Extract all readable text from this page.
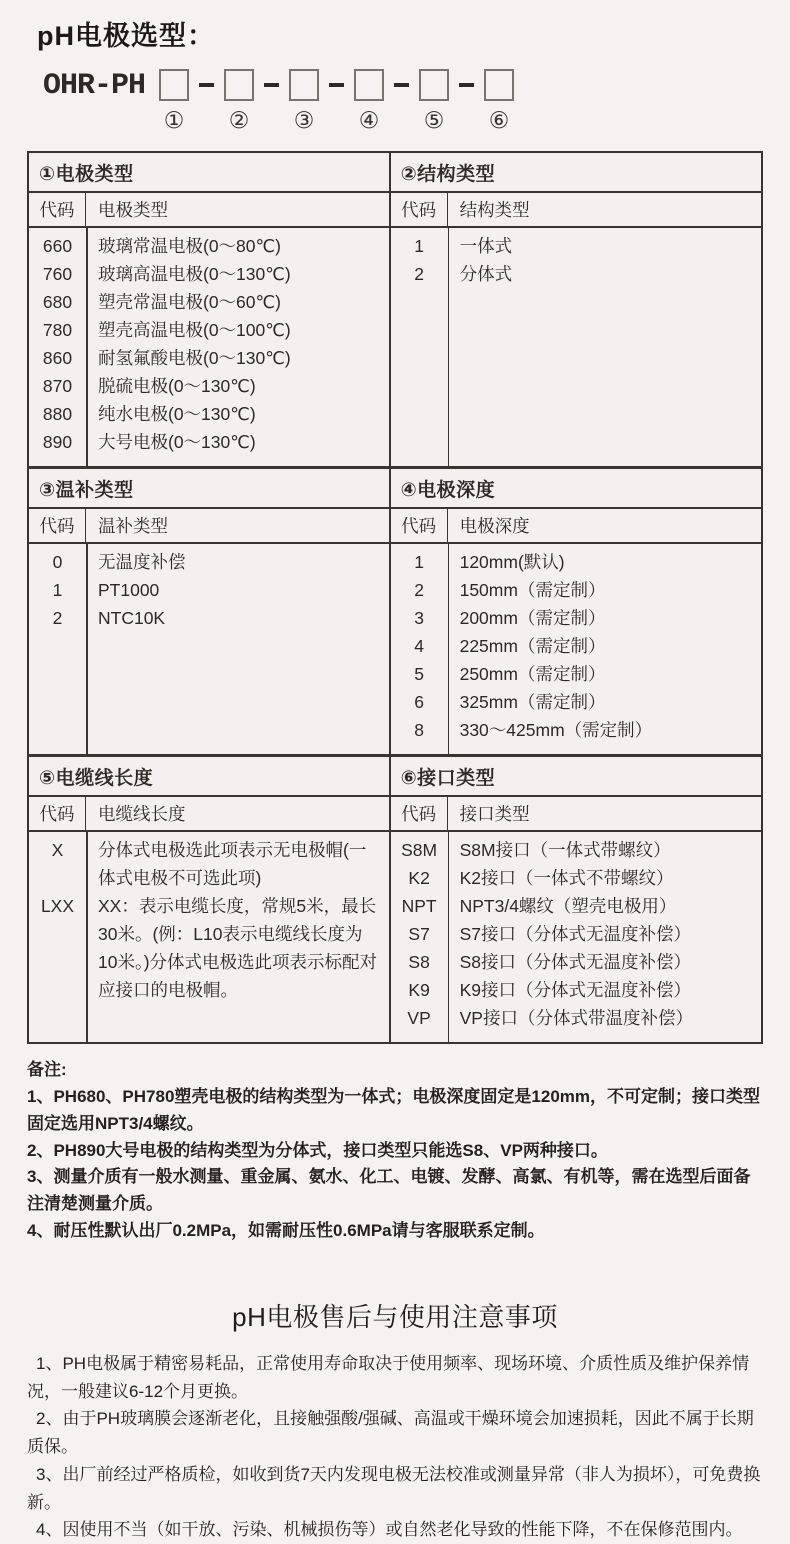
pH电极选型：
OHR-PH
① ② ③ ④ ⑤ ⑥
①电极类型
代码	电极类型
660	玻璃常温电极(0～80℃)
760	玻璃高温电极(0～130℃)
680	塑壳常温电极(0～60℃)
780	塑壳高温电极(0～100℃)
860	耐氢氟酸电极(0～130℃)
870	脱硫电极(0～130℃)
880	纯水电极(0～130℃)
890	大号电极(0～130℃)
②结构类型
代码	结构类型
1	一体式
2	分体式
③温补类型
代码	温补类型
0	无温度补偿
1	PT1000
2	NTC10K
④电极深度
代码	电极深度
1	120mm(默认)
2	150mm（需定制）
3	200mm（需定制）
4	225mm（需定制）
5	250mm（需定制）
6	325mm（需定制）
8	330～425mm（需定制）
⑤电缆线长度
代码	电缆线长度
X	分体式电极选此项表示无电极帽(一体式电极不可选此项)
LXX	XX：表示电缆长度，常规5米，最长30米。(例：L10表示电缆线长度为10米。)分体式电极选此项表示标配对应接口的电极帽。
⑥接口类型
代码	接口类型
S8M	S8M接口（一体式带螺纹）
K2	K2接口（一体式不带螺纹）
NPT	NPT3/4螺纹（塑壳电极用）
S7	S7接口（分体式无温度补偿）
S8	S8接口（分体式无温度补偿）
K9	K9接口（分体式无温度补偿）
VP	VP接口（分体式带温度补偿）
备注:
1、PH680、PH780塑壳电极的结构类型为一体式；电极深度固定是120mm，不可定制；接口类型固定选用NPT3/4螺纹。
2、PH890大号电极的结构类型为分体式，接口类型只能选S8、VP两种接口。
3、测量介质有一般水测量、重金属、氨水、化工、电镀、发酵、高氯、有机等，需在选型后面备注清楚测量介质。
4、耐压性默认出厂0.2MPa，如需耐压性0.6MPa请与客服联系定制。
pH电极售后与使用注意事项
1、PH电极属于精密易耗品，正常使用寿命取决于使用频率、现场环境、介质性质及维护保养情况，一般建议6-12个月更换。
2、由于PH玻璃膜会逐渐老化，且接触强酸/强碱、高温或干燥环境会加速损耗，因此不属于长期质保。
3、出厂前经过严格质检，如收到货7天内发现电极无法校准或测量异常（非人为损坏），可免费换新。
4、因使用不当（如干放、污染、机械损伤等）或自然老化导致的性能下降，不在保修范围内。
